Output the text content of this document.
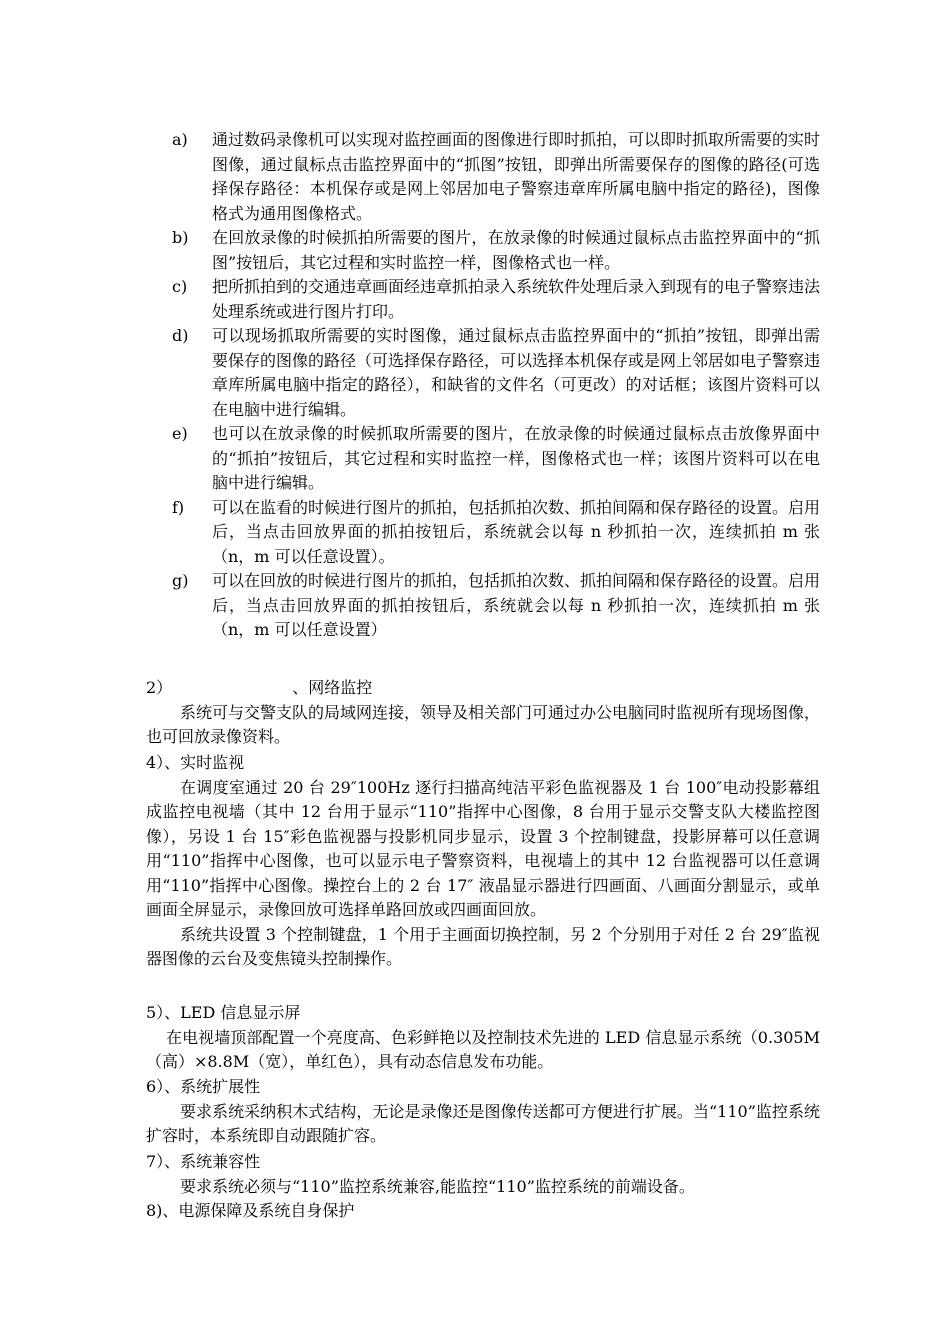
a)	通过数码录像机可以实现对监控画面的图像进行即时抓拍，可以即时抓取所需要的实时图像，通过鼠标点击监控界面中的“抓图”按钮，即弹出所需要保存的图像的路径(可选择保存路径：本机保存或是网上邻居加电子警察违章库所属电脑中指定的路径)，图像格式为通用图像格式。
b)	在回放录像的时候抓拍所需要的图片，在放录像的时候通过鼠标点击监控界面中的“抓图”按钮后，其它过程和实时监控一样，图像格式也一样。
c)	把所抓拍到的交通违章画面经违章抓拍录入系统软件处理后录入到现有的电子警察违法处理系统或进行图片打印。
d)	可以现场抓取所需要的实时图像，通过鼠标点击监控界面中的“抓拍”按钮，即弹出需要保存的图像的路径（可选择保存路径，可以选择本机保存或是网上邻居如电子警察违章库所属电脑中指定的路径），和缺省的文件名（可更改）的对话框；该图片资料可以在电脑中进行编辑。
e)	也可以在放录像的时候抓取所需要的图片，在放录像的时候通过鼠标点击放像界面中的“抓拍”按钮后，其它过程和实时监控一样，图像格式也一样；该图片资料可以在电脑中进行编辑。
f)	可以在监看的时候进行图片的抓拍，包括抓拍次数、抓拍间隔和保存路径的设置。启用后，当点击回放界面的抓拍按钮后，系统就会以每 n 秒抓拍一次，连续抓拍 m 张（n，m 可以任意设置）。
g)	可以在回放的时候进行图片的抓拍，包括抓拍次数、抓拍间隔和保存路径的设置。启用后，当点击回放界面的抓拍按钮后，系统就会以每 n 秒抓拍一次，连续抓拍 m 张（n，m 可以任意设置）
2）	、网络监控
系统可与交警支队的局域网连接，领导及相关部门可通过办公电脑同时监视所有现场图像，也可回放录像资料。
4）、实时监视
在调度室通过 20 台 29″100Hz 逐行扫描高纯洁平彩色监视器及 1 台 100″电动投影幕组成监控电视墙（其中 12 台用于显示“110”指挥中心图像，8 台用于显示交警支队大楼监控图像），另设 1 台 15″彩色监视器与投影机同步显示，设置 3 个控制键盘，投影屏幕可以任意调用“110”指挥中心图像，也可以显示电子警察资料，电视墙上的其中 12 台监视器可以任意调用“110”指挥中心图像。操控台上的 2 台 17″ 液晶显示器进行四画面、八画面分割显示，或单画面全屏显示，录像回放可选择单路回放或四画面回放。
系统共设置 3 个控制键盘，1 个用于主画面切换控制，另 2 个分别用于对任 2 台 29″监视器图像的云台及变焦镜头控制操作。
5）、LED 信息显示屏
在电视墙顶部配置一个亮度高、色彩鲜艳以及控制技术先进的 LED 信息显示系统（0.305M（高）×8.8M（宽），单红色），具有动态信息发布功能。
6）、系统扩展性
要求系统采纳积木式结构，无论是录像还是图像传送都可方便进行扩展。当“110”监控系统扩容时，本系统即自动跟随扩容。
7）、系统兼容性
要求系统必须与“110”监控系统兼容,能监控“110”监控系统的前端设备。
8)、电源保障及系统自身保护
